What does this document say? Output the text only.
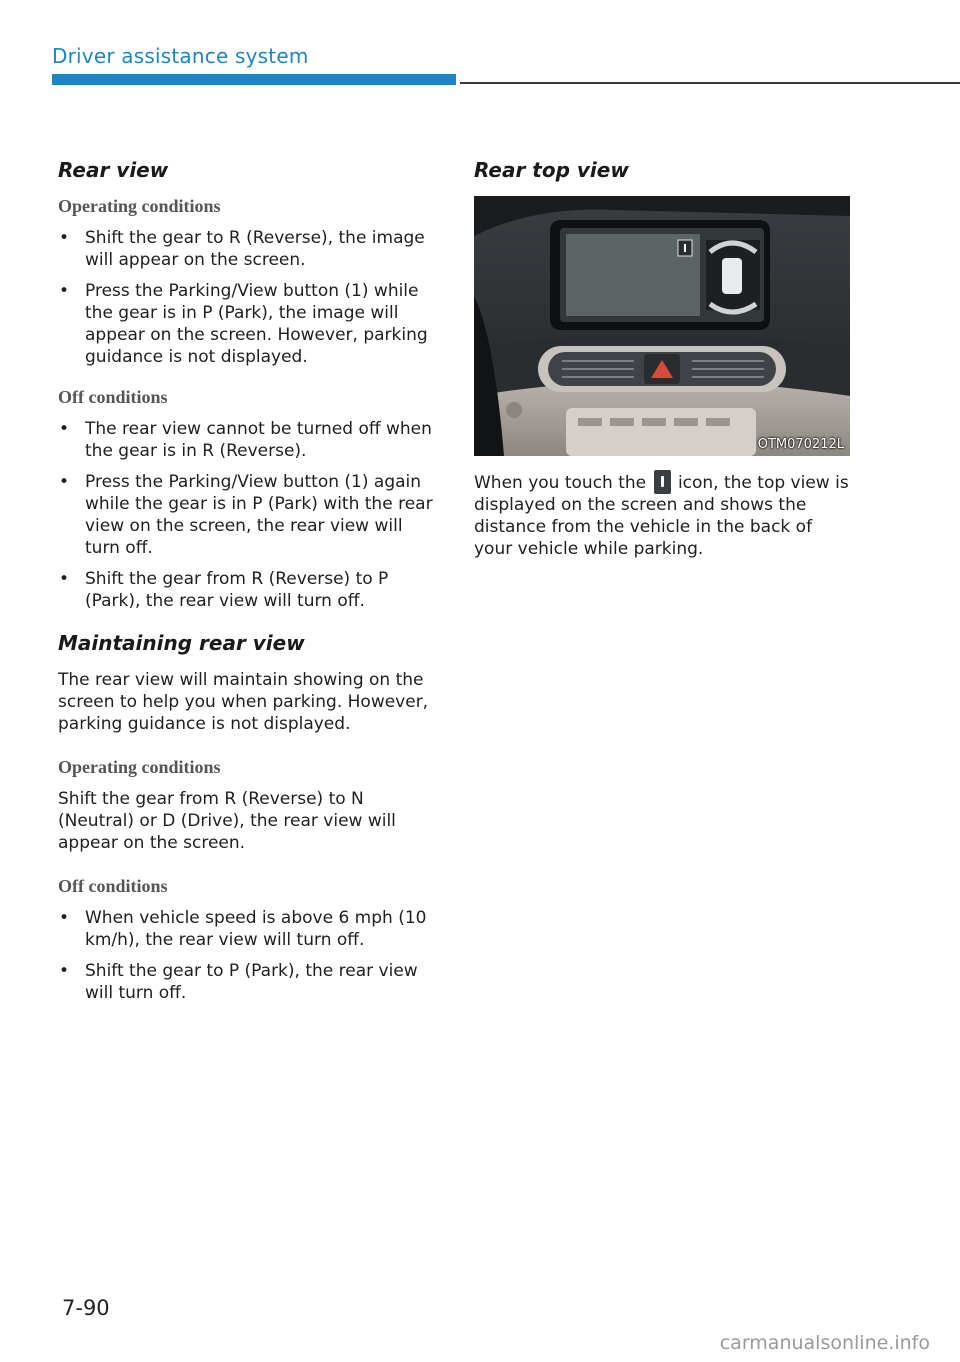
Driver assistance system
Rear view
Operating conditions
• Shift the gear to R (Reverse), the image will appear on the screen.
• Press the Parking/View button (1) while the gear is in P (Park), the image will appear on the screen. However, parking guidance is not displayed.
Off conditions
• The rear view cannot be turned off when the gear is in R (Reverse).
• Press the Parking/View button (1) again while the gear is in P (Park) with the rear view on the screen, the rear view will turn off.
• Shift the gear from R (Reverse) to P (Park), the rear view will turn off.
Maintaining rear view

The rear view will maintain showing on the screen to help you when parking. However, parking guidance is not displayed.

Operating conditions

Shift the gear from R (Reverse) to N (Neutral) or D (Drive), the rear view will appear on the screen.

Off conditions
• When vehicle speed is above 6 mph (10 km/h), the rear view will turn off.
• Shift the gear to P (Park), the rear view will turn off.
Rear top view
OTM070212L

When you touch the icon, the top view is displayed on the screen and shows the distance from the vehicle in the back of your vehicle while parking.

7-90
carmanualsonline.info
